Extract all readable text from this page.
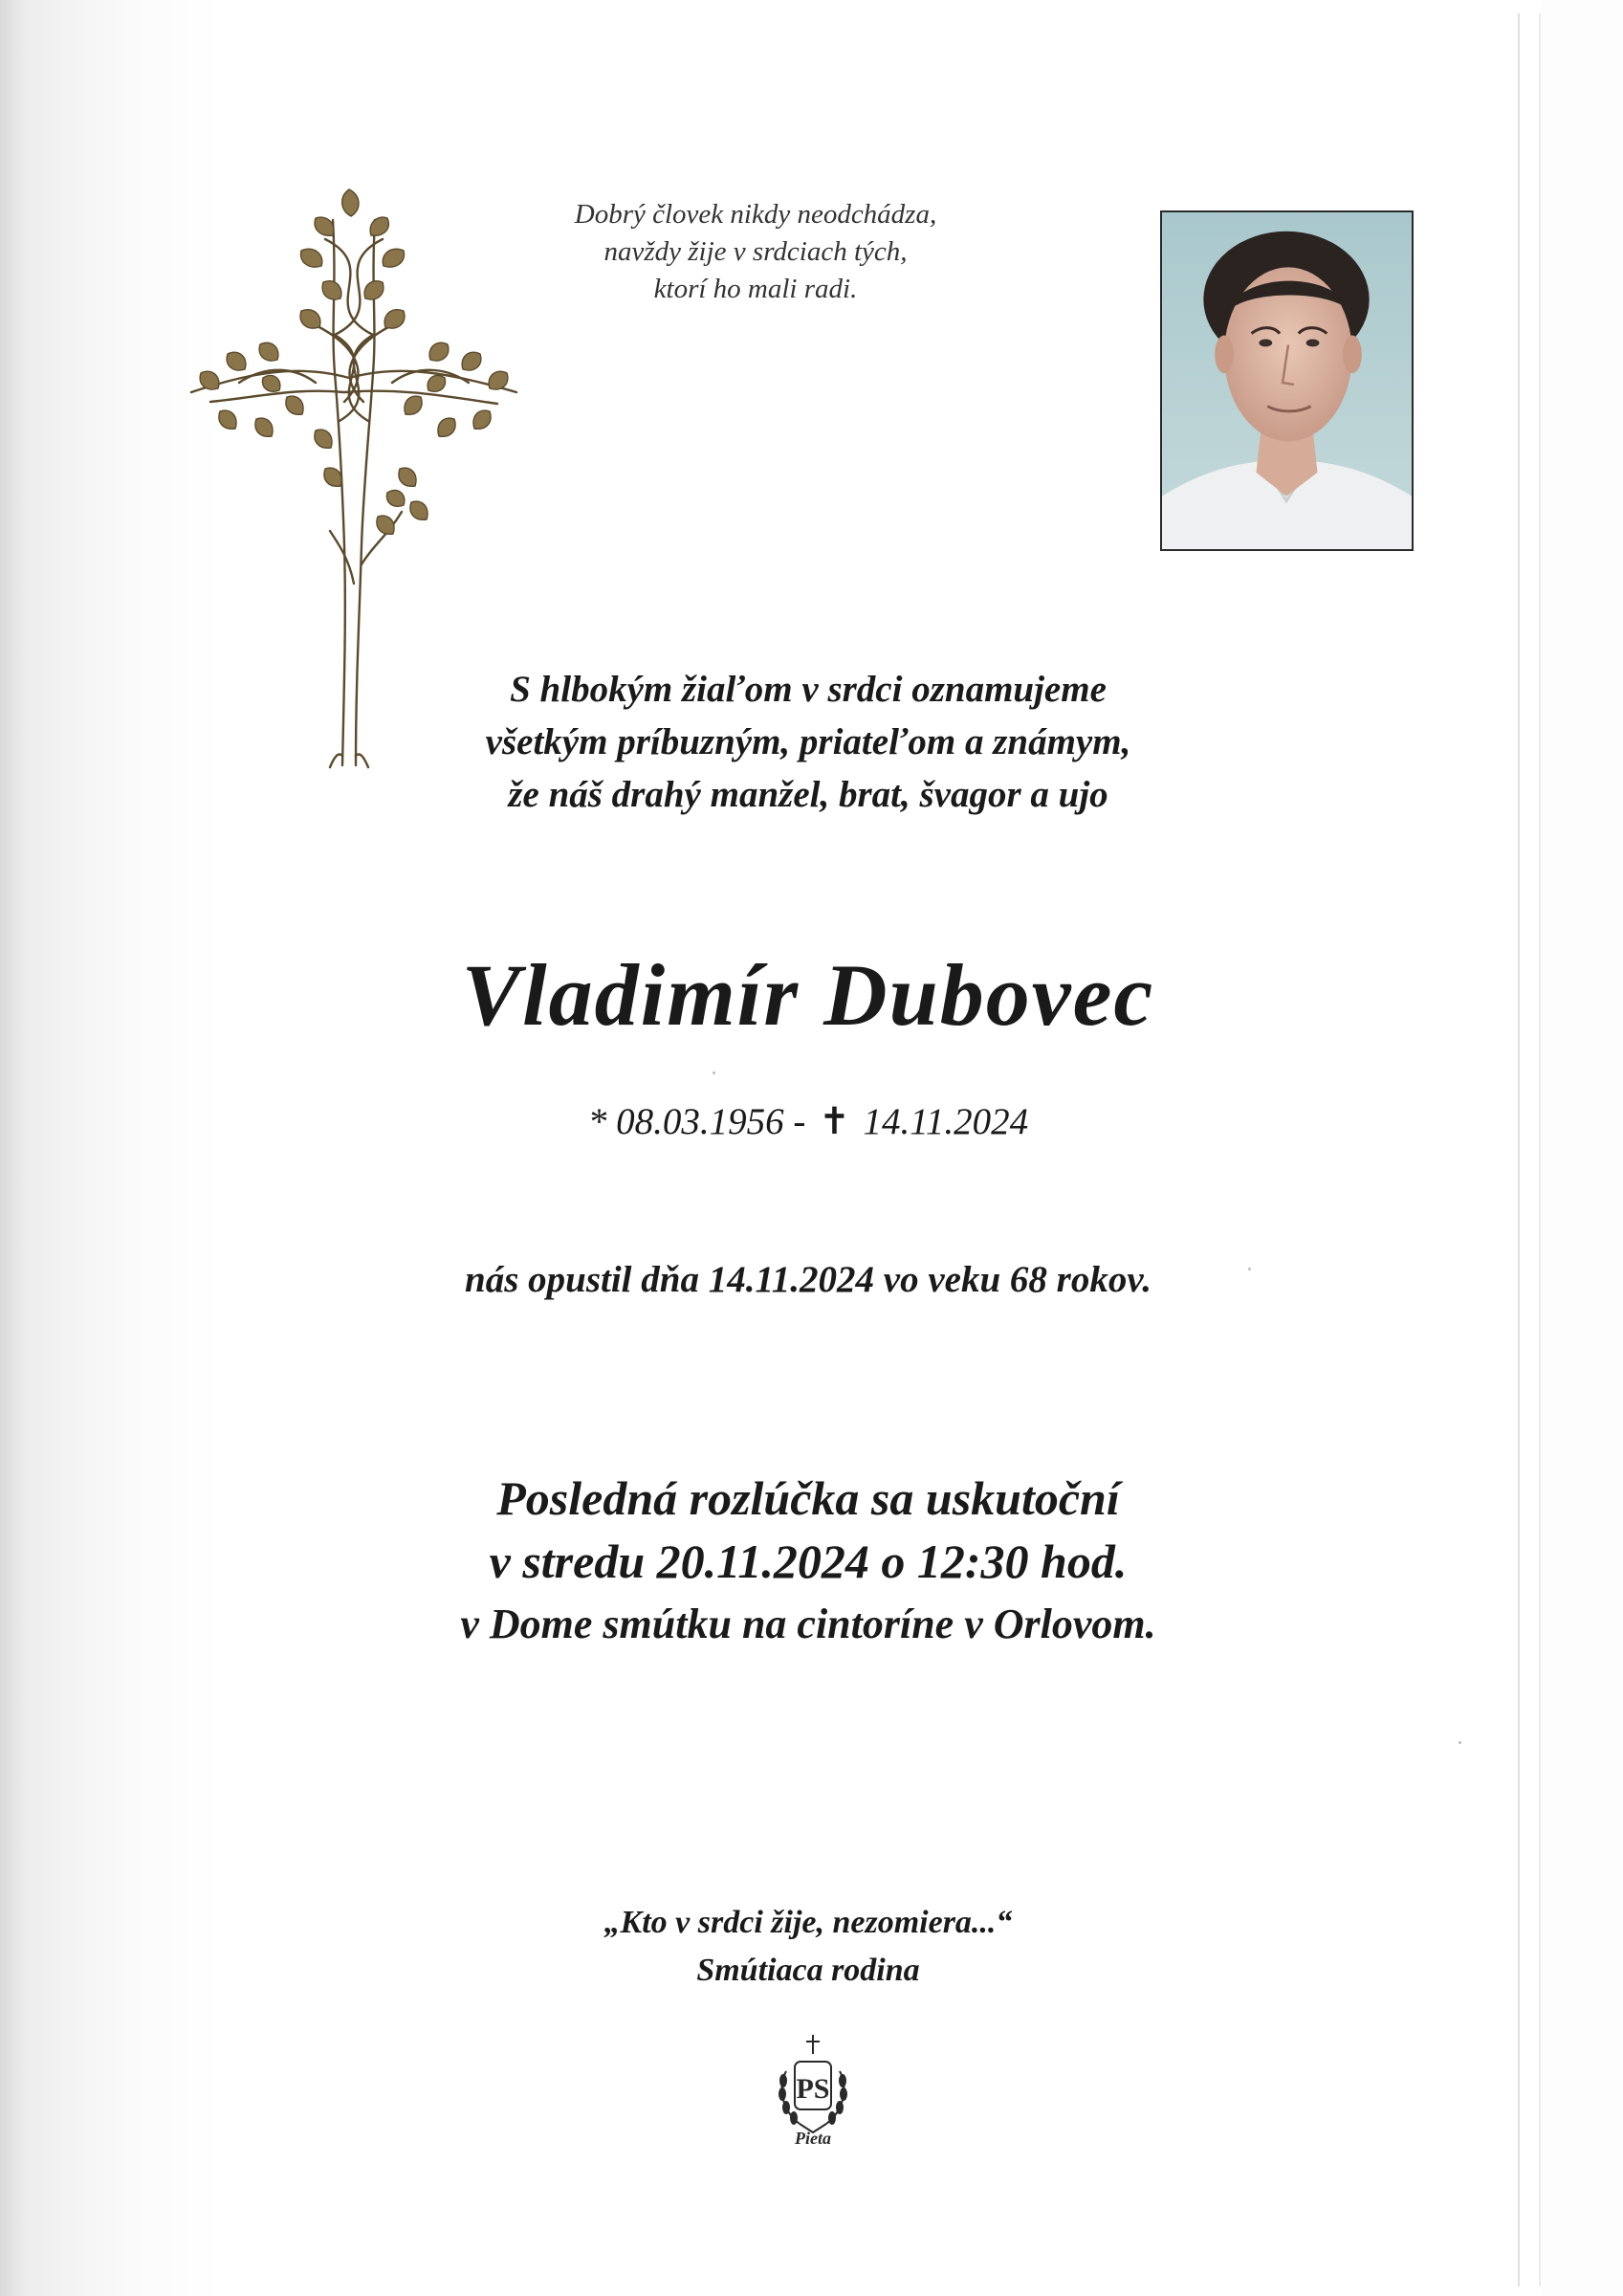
Dobrý človek nikdy neodchádza,
navždy žije v srdciach tých,
ktorí ho mali radi.
S hlbokým žiaľom v srdci oznamujeme
všetkým príbuzným, priateľom a známym,
že náš drahý manžel, brat, švagor a ujo
Vladimír Dubovec
* 08.03.1956 - ✝ 14.11.2024
nás opustil dňa 14.11.2024 vo veku 68 rokov.
Posledná rozlúčka sa uskutoční
v stredu 20.11.2024 o 12:30 hod.
v Dome smútku na cintoríne v Orlovom.
„Kto v srdci žije, nezomiera...“
Smútiaca rodina
PS
Pieta
